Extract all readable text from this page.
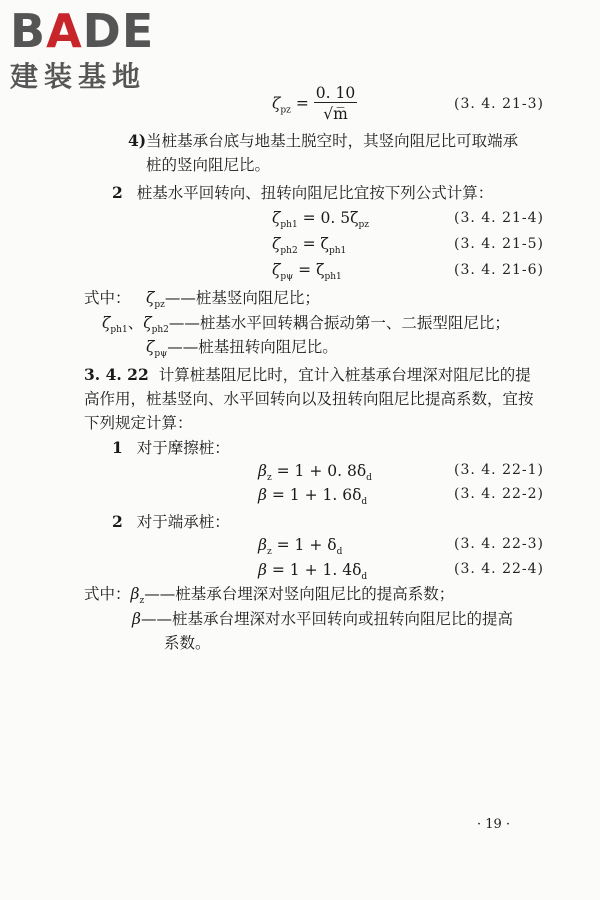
BADE
建装基地
$\zeta_{pz} = \frac{0. 10}{√m̅}$	(3. 4. 21-3)
4)当桩基承台底与地基土脱空时，其竖向阻尼比可取端承
桩的竖向阻尼比。
2 桩基水平回转向、扭转向阻尼比宜按下列公式计算：
$\zeta_{ph1} = 0$. $5\zeta_{pz}$	(3. 4. 21-4)
$\zeta_{ph2} = \zeta_{ph1}$	(3. 4. 21-5)
$\zeta_{p\psi} = \zeta_{ph1}$	(3. 4. 21-6)
式中： $\zeta_{pz}——$桩基竖向阻尼比；
$\zeta_{ph1}$、$\zeta_{ph2}——$桩基水平回转耦合振动第一、二振型阻尼比；
$\zeta_{p\psi}——$桩基扭转向阻尼比。
3. 4. 22 计算桩基阻尼比时，宜计入桩基承台埋深对阻尼比的提
高作用，桩基竖向、水平回转向以及扭转向阻尼比提高系数，宜按
下列规定计算：
1 对于摩擦桩：
$\beta_z = 1 + 0$. $8\delta_d$
(3. 4. 22-1)
β = 1 + 1. $6\delta_d$
(3. 4. 22-2)
2 对于端承桩：
$\beta_z = 1 + \delta_d$
(3. 4. 22-3)
β = 1 + 1. $4\delta_d$
(3. 4. 22-4)
式中：$\beta_z——$桩基承台埋深对竖向阻尼比的提高系数；
β——桩基承台埋深对水平回转向或扭转向阻尼比的提高
系数。
· 19 ·
